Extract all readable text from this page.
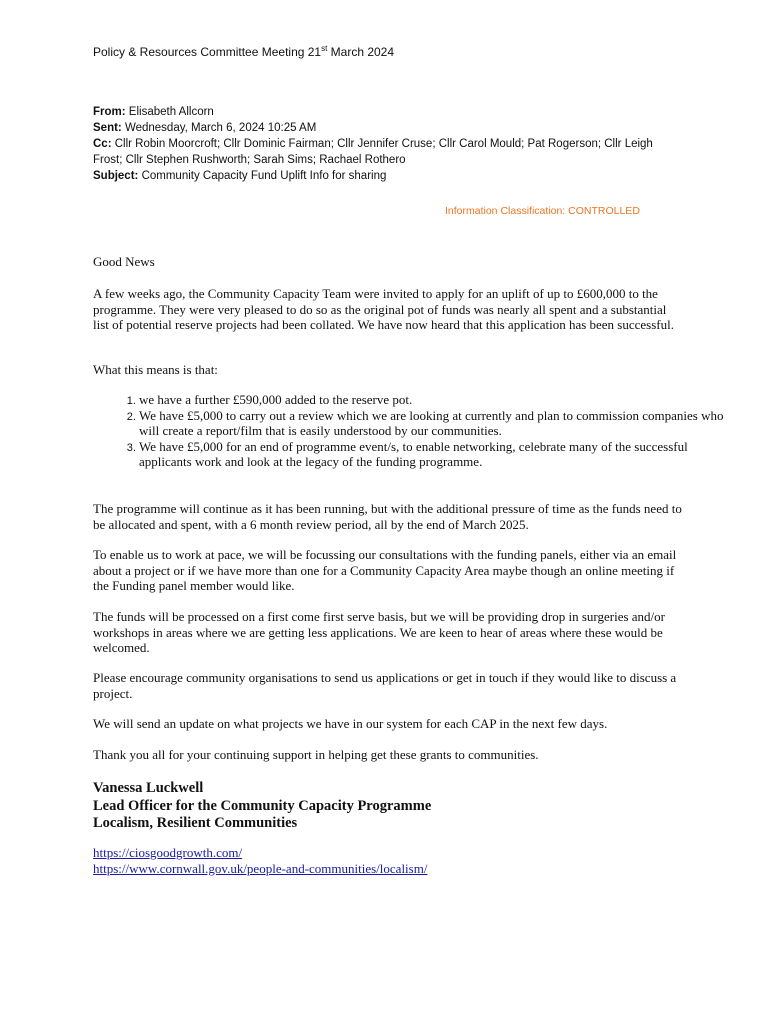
Policy & Resources Committee Meeting 21st March 2024
From: Elisabeth Allcorn
Sent: Wednesday, March 6, 2024 10:25 AM
Cc: Cllr Robin Moorcroft; Cllr Dominic Fairman; Cllr Jennifer Cruse; Cllr Carol Mould; Pat Rogerson; Cllr Leigh Frost; Cllr Stephen Rushworth; Sarah Sims; Rachael Rothero
Subject: Community Capacity Fund Uplift Info for sharing
Information Classification: CONTROLLED

Good News

A few weeks ago, the Community Capacity Team were invited to apply for an uplift of up to £600,000 to the programme. They were very pleased to do so as the original pot of funds was nearly all spent and a substantial list of potential reserve projects had been collated. We have now heard that this application has been successful.

What this means is that:

1. we have a further £590,000 added to the reserve pot.
2. We have £5,000 to carry out a review which we are looking at currently and plan to commission companies who will create a report/film that is easily understood by our communities.
3. We have £5,000 for an end of programme event/s, to enable networking, celebrate many of the successful applicants work and look at the legacy of the funding programme.

The programme will continue as it has been running, but with the additional pressure of time as the funds need to be allocated and spent, with a 6 month review period, all by the end of March 2025.

To enable us to work at pace, we will be focussing our consultations with the funding panels, either via an email about a project or if we have more than one for a Community Capacity Area maybe though an online meeting if the Funding panel member would like.

The funds will be processed on a first come first serve basis, but we will be providing drop in surgeries and/or workshops in areas where we are getting less applications. We are keen to hear of areas where these would be welcomed.

Please encourage community organisations to send us applications or get in touch if they would like to discuss a project.

We will send an update on what projects we have in our system for each CAP in the next few days.

Thank you all for your continuing support in helping get these grants to communities.

Vanessa Luckwell
Lead Officer for the Community Capacity Programme
Localism, Resilient Communities
https://ciosgoodgrowth.com/
https://www.cornwall.gov.uk/people-and-communities/localism/
